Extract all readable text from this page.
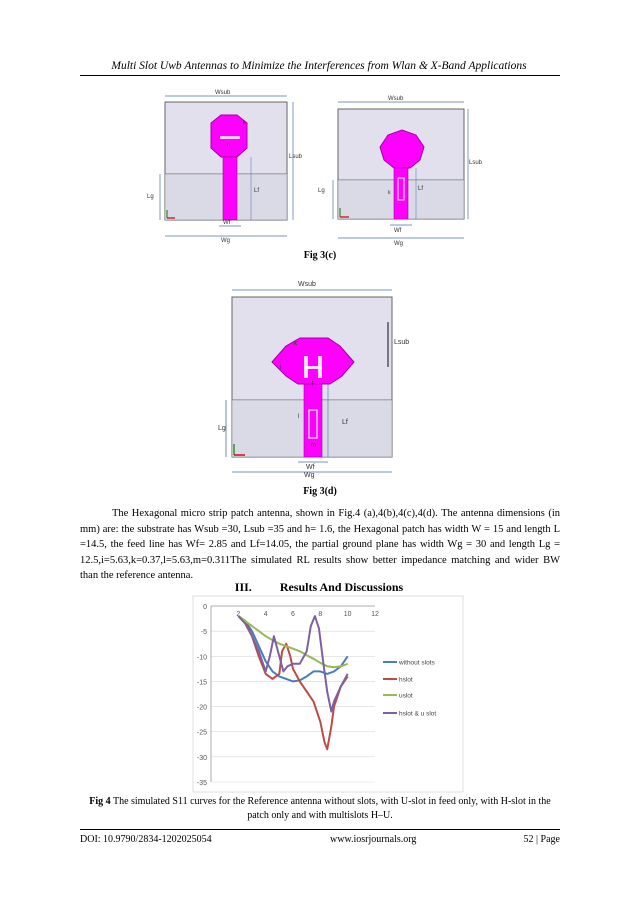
Multi Slot Uwb Antennas to Minimize the Interferences from Wlan & X-Band Applications
Wsub
Lsub
Lg
Lf
Wf
Wg
k
l
Wsub
Lsub
Lg	Lf
k
Wf
Wg
Fig 3(c)
Wsub
Lsub
Lg
Lf
k
i
j
l
m
Wf
Wg
Fig 3(d)
The Hexagonal micro strip patch antenna, shown in Fig.4 (a),4(b),4(c),4(d). The antenna dimensions (in mm) are: the substrate has Wsub =30, Lsub =35 and h= 1.6, the Hexagonal patch has width W = 15 and length L =14.5, the feed line has Wf= 2.85 and Lf=14.05, the partial ground plane has width Wg = 30 and length Lg = 12.5,i=5.63,k=0.37,l=5.63,m=0.311The simulated RL results show better impedance matching and wider BW than the reference antenna.
III. Results And Discussions
0
-5
-10
-15
-20
-25
-30
-35
2	4	6	8	10	12
without slots
hslot
uslot
hslot & u slot
Fig 4 The simulated S11 curves for the Reference antenna without slots, with U-slot in feed only, with H-slot in the patch only and with multislots H–U.
DOI: 10.9790/2834-1202025054	www.iosrjournals.org	52 | Page
